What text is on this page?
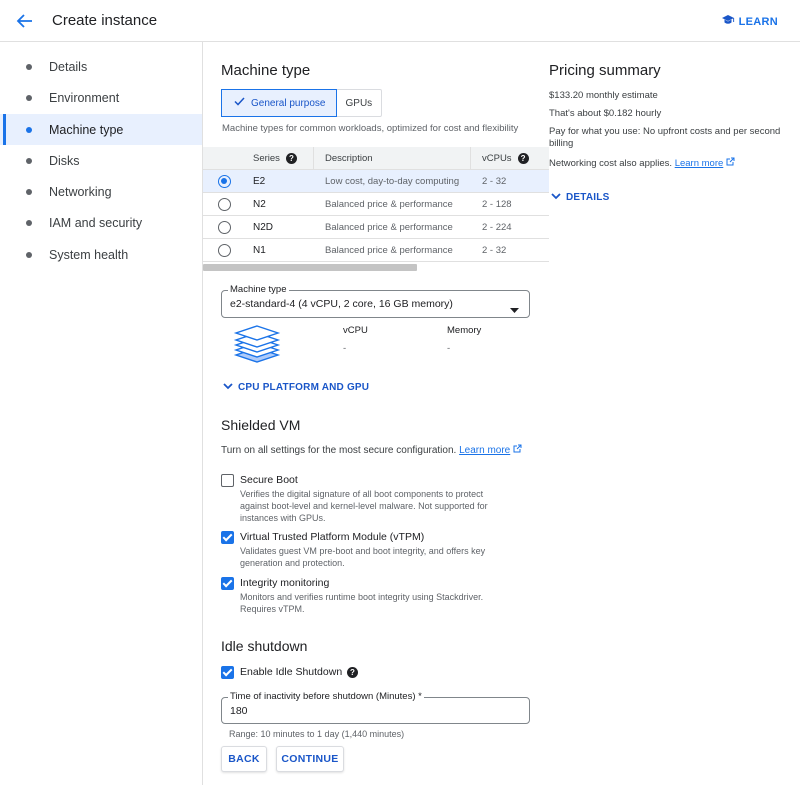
Create instance	LEARN
Details
Environment
Machine type
Disks
Networking
IAM and security
System health
Machine type
General purpose GPUs
Machine types for common workloads, optimized for cost and flexibility
Series	?	Description	vCPUs	?
E2	Low cost, day-to-day computing 2 - 32
N2	Balanced price & performance	2 - 128
N2D	Balanced price & performance	2 - 224
N1	Balanced price & performance	2 - 32
Machine type
e2-standard-4 (4 vCPU, 2 core, 16 GB memory)
vCPU
-
Memory
-
CPU PLATFORM AND GPU
Shielded VM
Turn on all settings for the most secure configuration. Learn more
Secure Boot
Verifies the digital signature of all boot components to protect against boot-level and kernel-level malware. Not supported for instances with GPUs.
Virtual Trusted Platform Module (vTPM)
Validates guest VM pre-boot and boot integrity, and offers key generation and protection.
Integrity monitoring
Monitors and verifies runtime boot integrity using Stackdriver. Requires vTPM.
Idle shutdown
Enable Idle Shutdown ?
Time of inactivity before shutdown (Minutes) *
180
Range: 10 minutes to 1 day (1,440 minutes)
BACK	CONTINUE
Pricing summary
$133.20 monthly estimate
That's about $0.182 hourly
Pay for what you use: No upfront costs and per second billing
Networking cost also applies. Learn more
DETAILS
